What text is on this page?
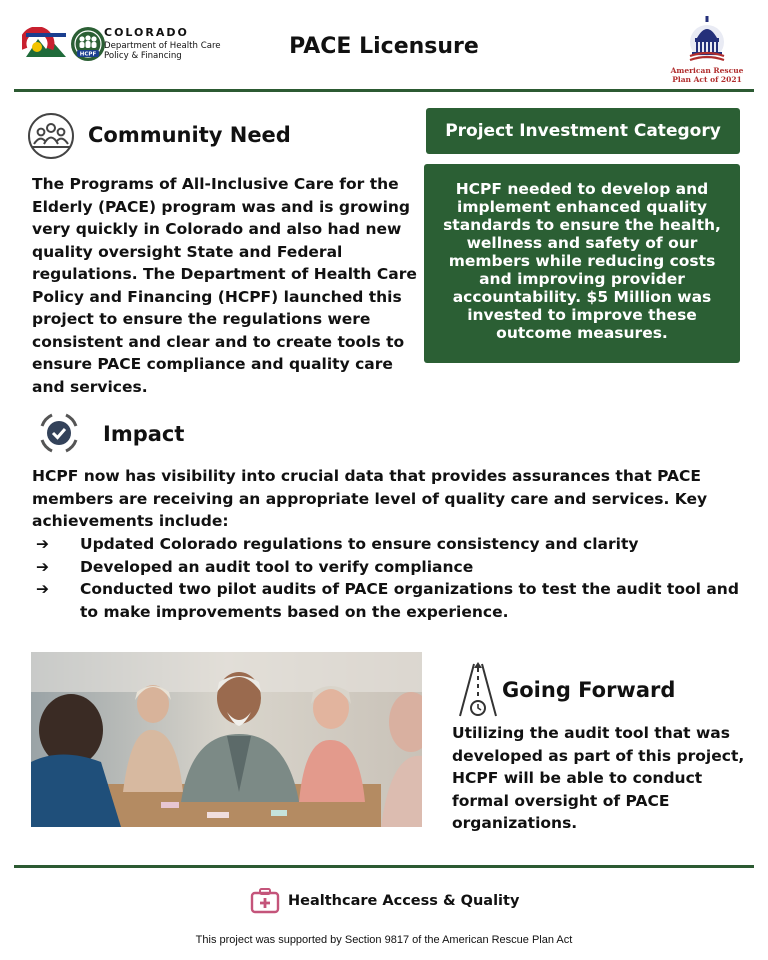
HCPF
COLORADO
Department of Health Care
Policy & Financing	PACE Licensure
American Rescue
Plan Act of 2021
Community Need
The Programs of All-Inclusive Care for the Elderly (PACE) program was and is growing very quickly in Colorado and also had new quality oversight State and Federal regulations. The Department of Health Care Policy and Financing (HCPF) launched this project to ensure the regulations were consistent and clear and to create tools to ensure PACE compliance and quality care and services.
Project Investment Category
HCPF needed to develop and implement enhanced quality standards to ensure the health, wellness and safety of our members while reducing costs and improving provider accountability. $5 Million was invested to improve these outcome measures.
Impact
HCPF now has visibility into crucial data that provides assurances that PACE members are receiving an appropriate level of quality care and services. Key achievements include:
➔ Updated Colorado regulations to ensure consistency and clarity
➔ Developed an audit tool to verify compliance
➔ Conducted two pilot audits of PACE organizations to test the audit tool and to make improvements based on the experience.
Going Forward
Utilizing the audit tool that was developed as part of this project, HCPF will be able to conduct formal oversight of PACE organizations.
Healthcare Access & Quality
This project was supported by Section 9817 of the American Rescue Plan Act
